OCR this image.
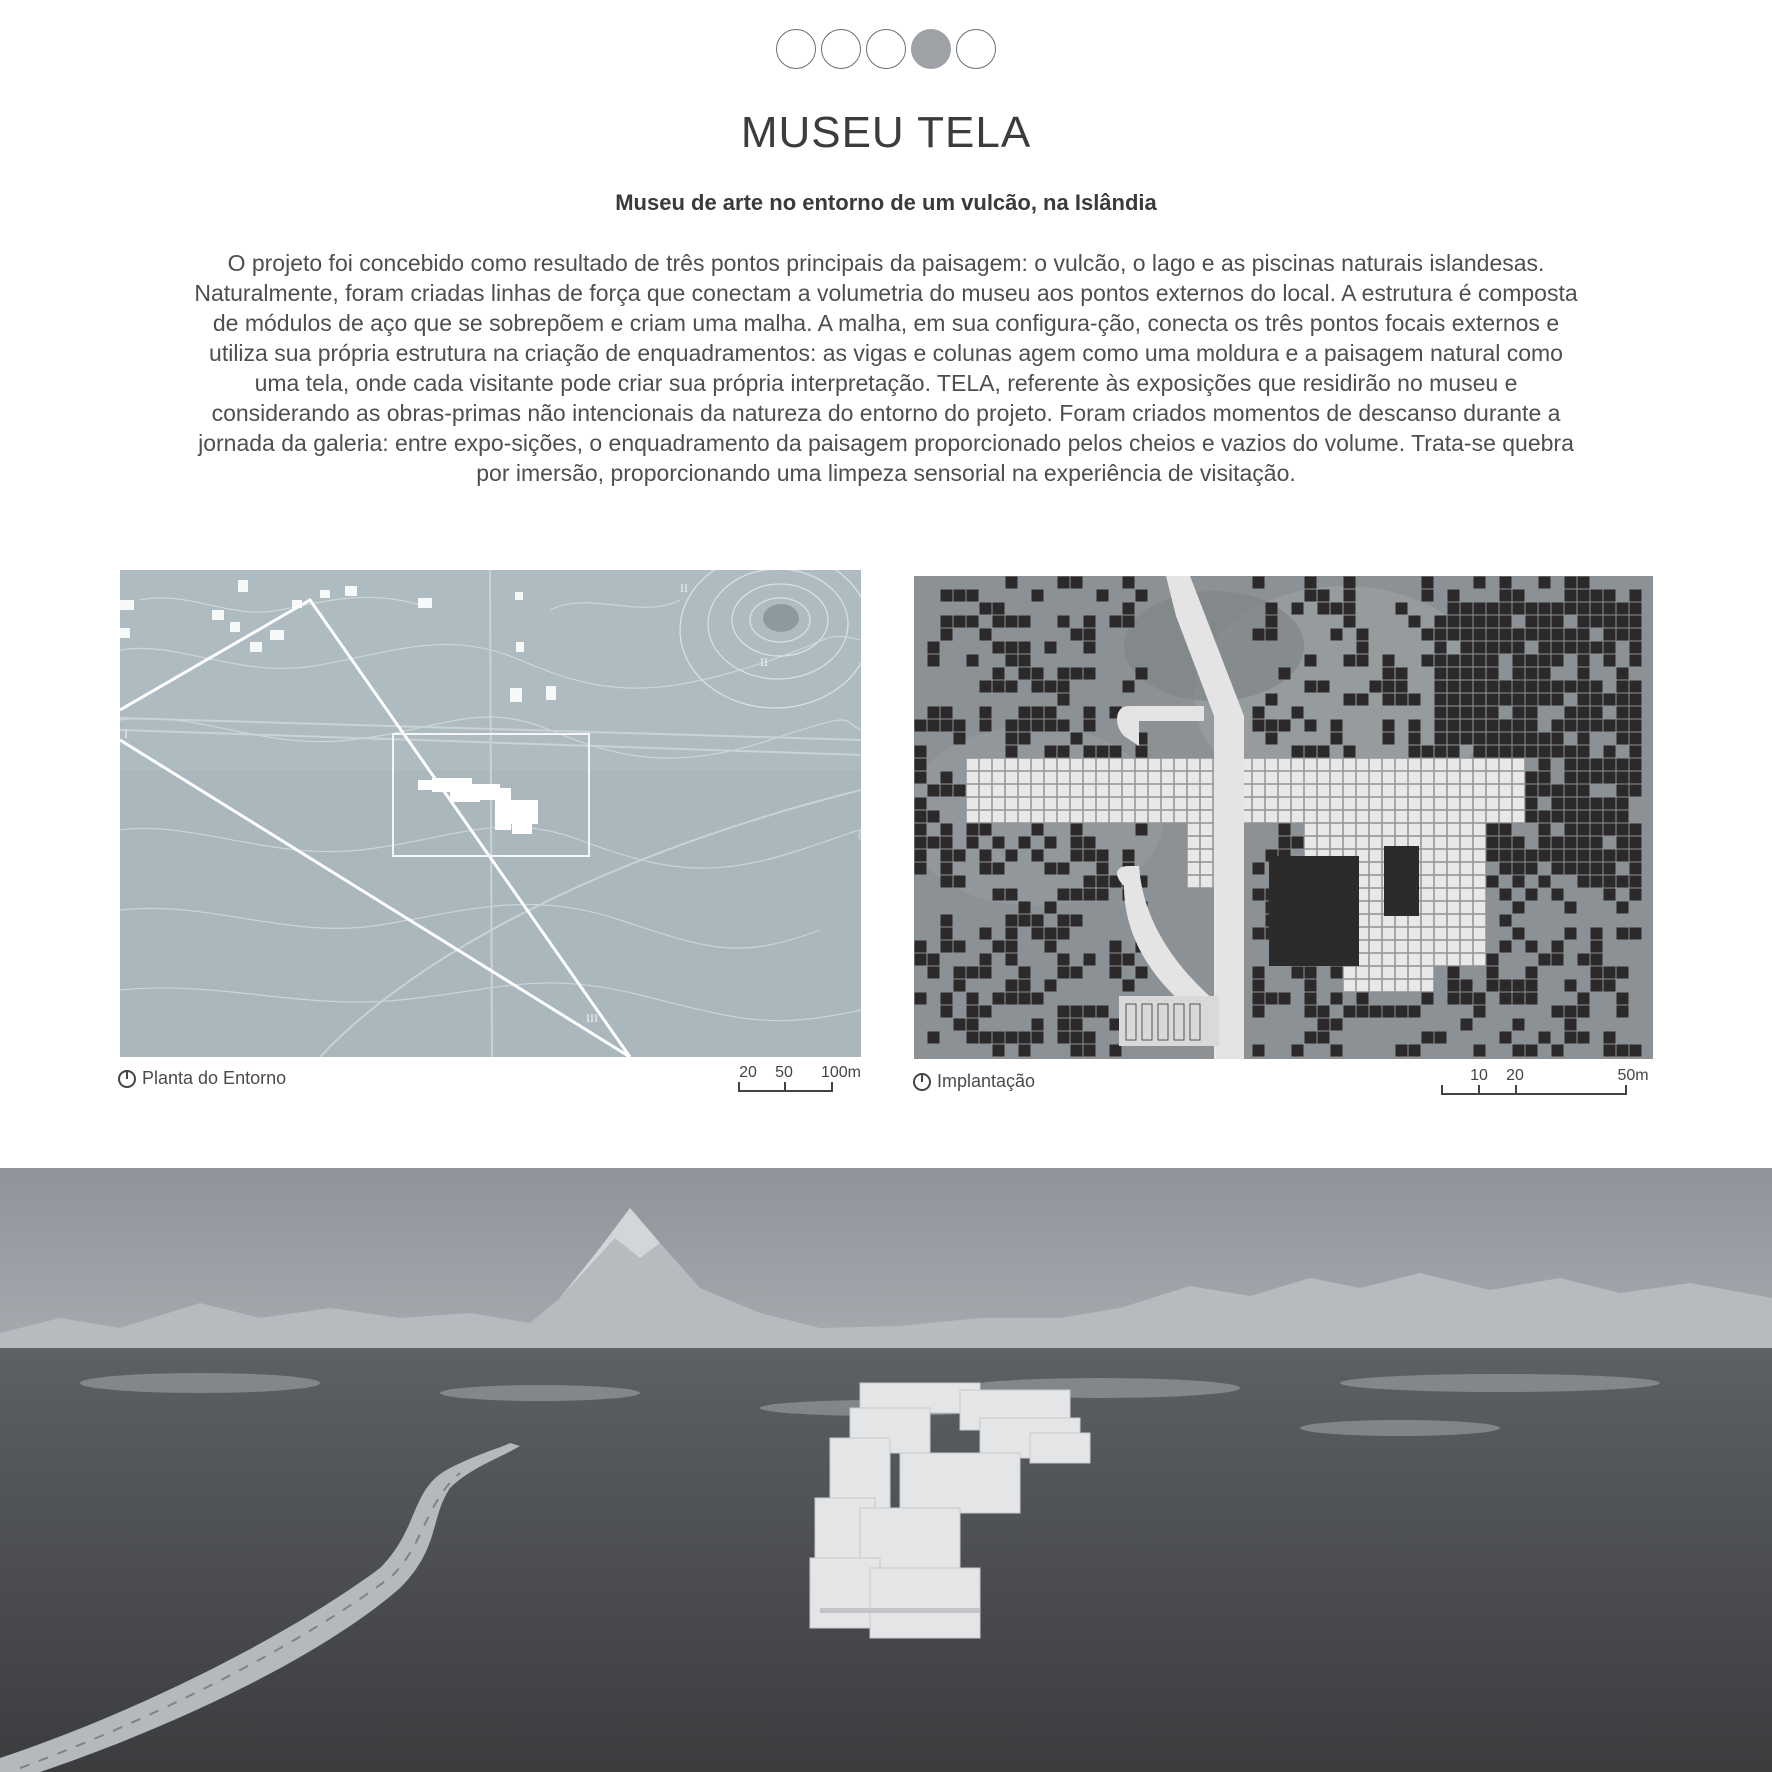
MUSEU TELA
Museu de arte no entorno de um vulcão, na Islândia
O projeto foi concebido como resultado de três pontos principais da paisagem: o vulcão, o lago e as piscinas naturais islandesas. Naturalmente, foram criadas linhas de força que conectam a volumetria do museu aos pontos externos do local. A estrutura é composta de módulos de aço que se sobrepõem e criam uma malha. A malha, em sua configura-ção, conecta os três pontos focais externos e utiliza sua própria estrutura na criação de enquadramentos: as vigas e colunas agem como uma moldura e a paisagem natural como uma tela, onde cada visitante pode criar sua própria interpretação. TELA, referente às exposições que residirão no museu e considerando as obras-primas não intencionais da natureza do entorno do projeto. Foram criados momentos de descanso durante a jornada da galeria: entre expo-sições, o enquadramento da paisagem proporcionado pelos cheios e vazios do volume. Trata-se quebra por imersão, proporcionando uma limpeza sensorial na experiência de visitação.
I
II
II
III
Planta do Entorno	20 50 100m	Implantação	10 20	50m
